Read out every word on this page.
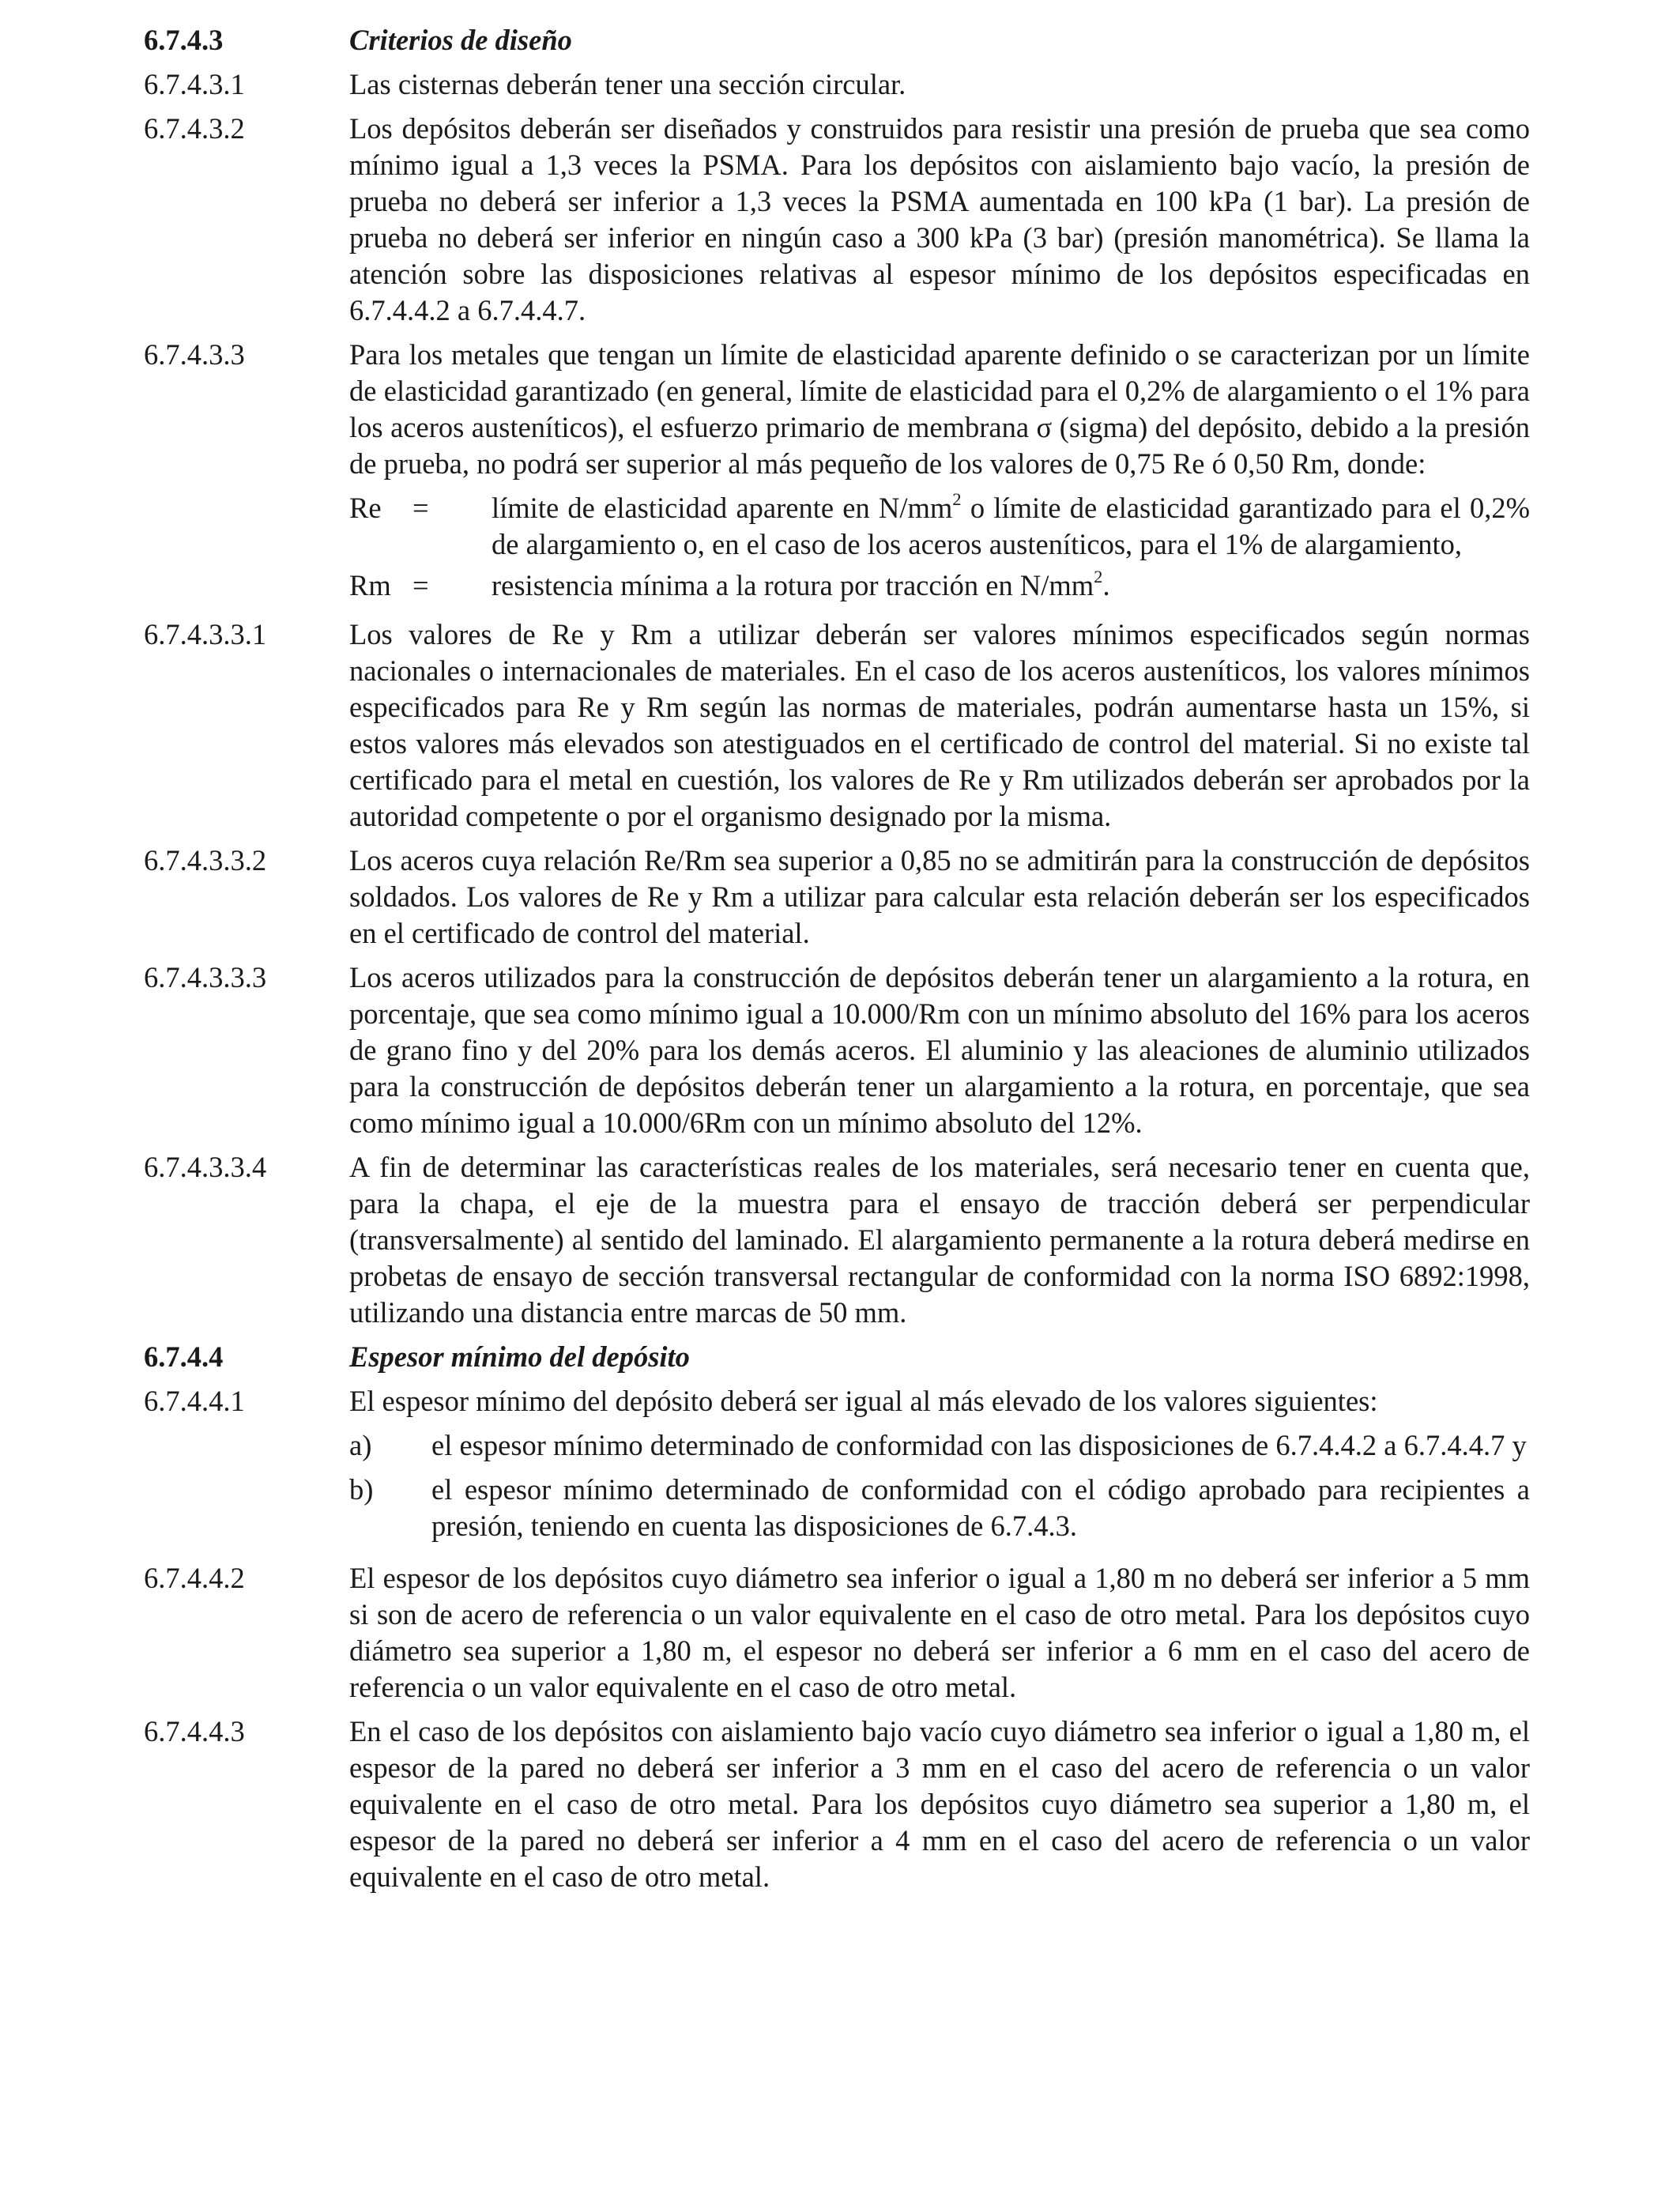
6.7.4.3	Criterios de diseño
6.7.4.3.1	Las cisternas deberán tener una sección circular.
6.7.4.3.2	Los depósitos deberán ser diseñados y construidos para resistir una presión de prueba que sea como mínimo igual a 1,3 veces la PSMA. Para los depósitos con aislamiento bajo vacío, la presión de prueba no deberá ser inferior a 1,3 veces la PSMA aumentada en 100 kPa (1 bar). La presión de prueba no deberá ser inferior en ningún caso a 300 kPa (3 bar) (presión manométrica). Se llama la atención sobre las disposiciones relativas al espesor mínimo de los depósitos especificadas en 6.7.4.4.2 a 6.7.4.4.7.
6.7.4.3.3	Para los metales que tengan un límite de elasticidad aparente definido o se caracterizan por un límite de elasticidad garantizado (en general, límite de elasticidad para el 0,2% de alargamiento o el 1% para los aceros austeníticos), el esfuerzo primario de membrana σ (sigma) del depósito, debido a la presión de prueba, no podrá ser superior al más pequeño de los valores de 0,75 Re ó 0,50 Rm, donde:

Re	=	límite de elasticidad aparente en $N/mm^2$ o límite de elasticidad garantizado para el 0,2% de alargamiento o, en el caso de los aceros austeníticos, para el 1% de alargamiento,
Rm =	resistencia mínima a la rotura por tracción en $N/mm^2$.
6.7.4.3.3.1	Los valores de Re y Rm a utilizar deberán ser valores mínimos especificados según normas nacionales o internacionales de materiales. En el caso de los aceros austeníticos, los valores mínimos especificados para Re y Rm según las normas de materiales, podrán aumentarse hasta un 15%, si estos valores más elevados son atestiguados en el certificado de control del material. Si no existe tal certificado para el metal en cuestión, los valores de Re y Rm utilizados deberán ser aprobados por la autoridad competente o por el organismo designado por la misma.
6.7.4.3.3.2	Los aceros cuya relación Re/Rm sea superior a 0,85 no se admitirán para la construcción de depósitos soldados. Los valores de Re y Rm a utilizar para calcular esta relación deberán ser los especificados en el certificado de control del material.
6.7.4.3.3.3	Los aceros utilizados para la construcción de depósitos deberán tener un alargamiento a la rotura, en porcentaje, que sea como mínimo igual a 10.000/Rm con un mínimo absoluto del 16% para los aceros de grano fino y del 20% para los demás aceros. El aluminio y las aleaciones de aluminio utilizados para la construcción de depósitos deberán tener un alargamiento a la rotura, en porcentaje, que sea como mínimo igual a 10.000/6Rm con un mínimo absoluto del 12%.
6.7.4.3.3.4	A fin de determinar las características reales de los materiales, será necesario tener en cuenta que, para la chapa, el eje de la muestra para el ensayo de tracción deberá ser perpendicular (transversalmente) al sentido del laminado. El alargamiento permanente a la rotura deberá medirse en probetas de ensayo de sección transversal rectangular de conformidad con la norma ISO 6892:1998, utilizando una distancia entre marcas de 50 mm.
6.7.4.4	Espesor mínimo del depósito
6.7.4.4.1	El espesor mínimo del depósito deberá ser igual al más elevado de los valores siguientes:

a)	el espesor mínimo determinado de conformidad con las disposiciones de 6.7.4.4.2 a 6.7.4.4.7 y
b)	el espesor mínimo determinado de conformidad con el código aprobado para recipientes a presión, teniendo en cuenta las disposiciones de 6.7.4.3.
6.7.4.4.2	El espesor de los depósitos cuyo diámetro sea inferior o igual a 1,80 m no deberá ser inferior a 5 mm si son de acero de referencia o un valor equivalente en el caso de otro metal. Para los depósitos cuyo diámetro sea superior a 1,80 m, el espesor no deberá ser inferior a 6 mm en el caso del acero de referencia o un valor equivalente en el caso de otro metal.
6.7.4.4.3	En el caso de los depósitos con aislamiento bajo vacío cuyo diámetro sea inferior o igual a 1,80 m, el espesor de la pared no deberá ser inferior a 3 mm en el caso del acero de referencia o un valor equivalente en el caso de otro metal. Para los depósitos cuyo diámetro sea superior a 1,80 m, el espesor de la pared no deberá ser inferior a 4 mm en el caso del acero de referencia o un valor equivalente en el caso de otro metal.
